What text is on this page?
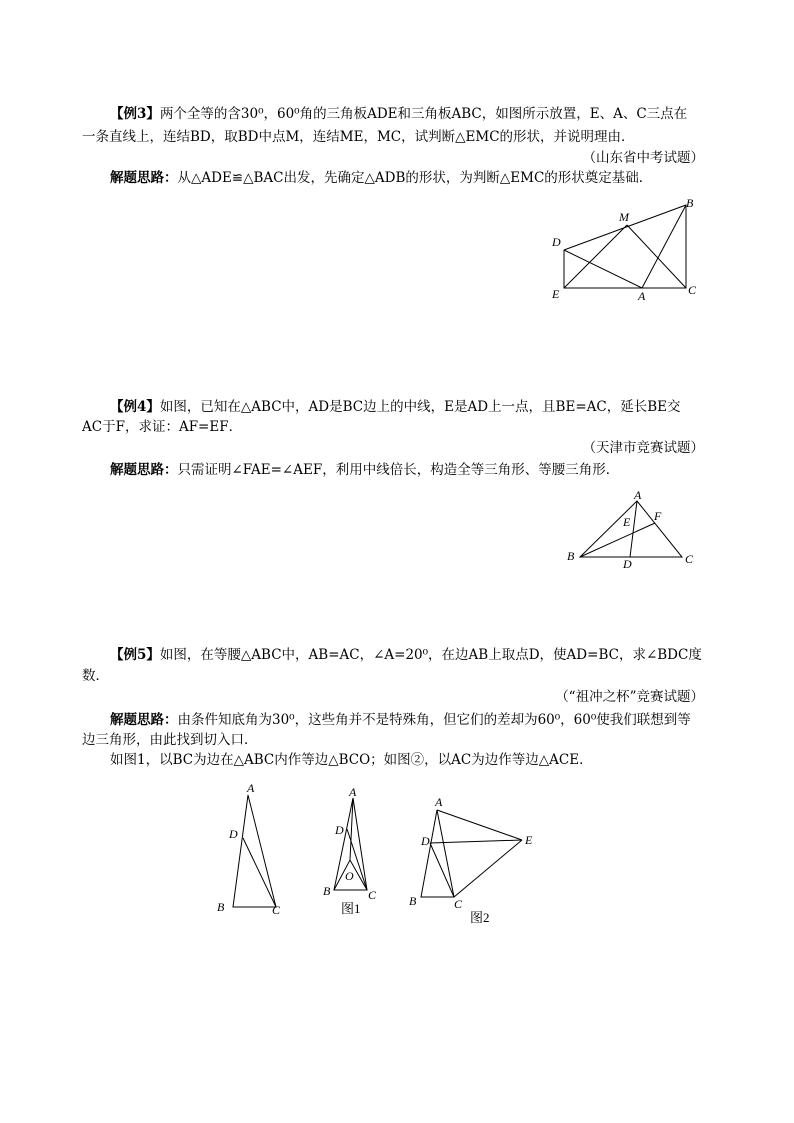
【例3】两个全等的含30⁰，60⁰角的三角板ADE和三角板ABC，如图所示放置，E、A、C三点在
一条直线上，连结BD，取BD中点M，连结ME，MC，试判断△EMC的形状，并说明理由．
（山东省中考试题）
解题思路：从△ADE≌△BAC出发，先确定△ADB的形状，为判断△EMC的形状奠定基础．
M
B
D
E	A	C
【例4】如图，已知在△ABC中，AD是BC边上的中线，E是AD上一点，且BE=AC，延长BE交
AC于F，求证：AF=EF．
（天津市竞赛试题）
解题思路：只需证明∠FAE=∠AEF，利用中线倍长，构造全等三角形、等腰三角形．
A
E F
B
D	C
【例5】如图，在等腰△ABC中，AB=AC，∠A=20⁰，在边AB上取点D，使AD=BC，求∠BDC度
数．
（“祖冲之杯”竞赛试题）
解题思路：由条件知底角为30⁰，这些角并不是特殊角，但它们的差却为60⁰，60⁰使我们联想到等
边三角形，由此找到切入口．
如图1，以BC为边在△ABC内作等边△BCO；如图②，以AC为边作等边△ACE．
A
D
B	C
A
D
O
B	C
图1
A
D	E
B	C
图2
